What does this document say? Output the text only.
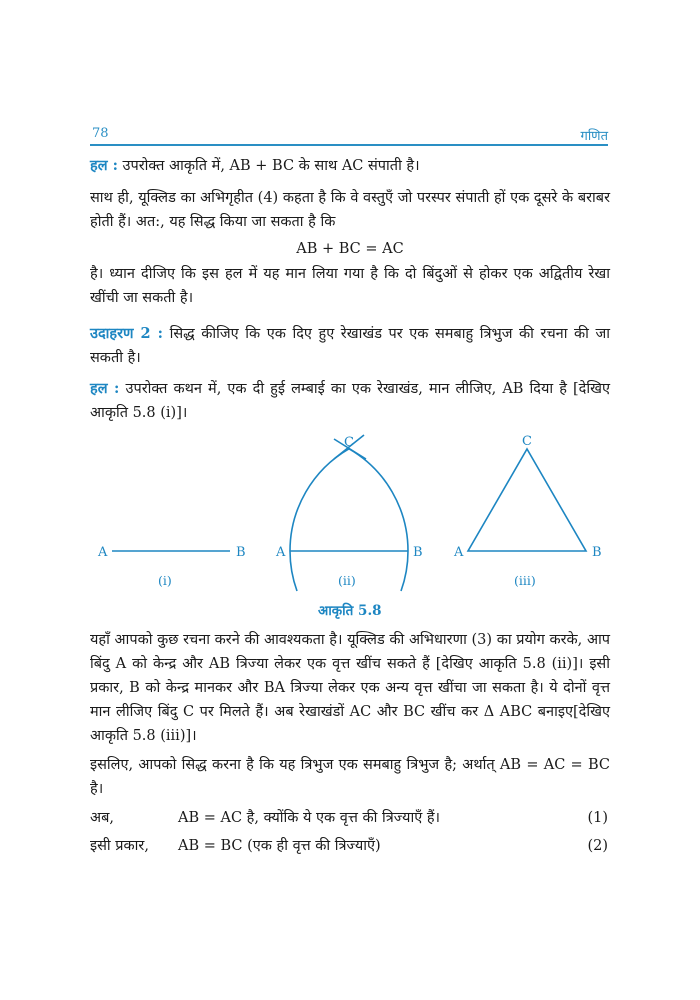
78	गणित

हल : उपरोक्त आकृति में, AB + BC के साथ AC संपाती है।

साथ ही, यूक्लिड का अभिगृहीत (4) कहता है कि वे वस्तुएँ जो परस्पर संपाती हों एक दूसरे के बराबर होती हैं। अत:, यह सिद्ध किया जा सकता है कि

AB + BC = AC

है। ध्यान दीजिए कि इस हल में यह मान लिया गया है कि दो बिंदुओं से होकर एक अद्वितीय रेखा खींची जा सकती है।

उदाहरण 2 : सिद्ध कीजिए कि एक दिए हुए रेखाखंड पर एक समबाहु त्रिभुज की रचना की जा सकती है।

हल : उपरोक्त कथन में, एक दी हुई लम्बाई का एक रेखाखंड, मान लीजिए, AB दिया है [देखिए आकृति 5.8 (i)]।

A	B A	B
C
A	B
C
(i)	(ii)	(iii)
आकृति 5.8

यहाँ आपको कुछ रचना करने की आवश्यकता है। यूक्लिड की अभिधारणा (3) का प्रयोग करके, आप बिंदु A को केन्द्र और AB त्रिज्या लेकर एक वृत्त खींच सकते हैं [देखिए आकृति 5.8 (ii)]। इसी प्रकार, B को केन्द्र मानकर और BA त्रिज्या लेकर एक अन्य वृत्त खींचा जा सकता है। ये दोनों वृत्त मान लीजिए बिंदु C पर मिलते हैं। अब रेखाखंडों AC और BC खींच कर Δ ABC बनाइए[देखिए आकृति 5.8 (iii)]।

इसलिए, आपको सिद्ध करना है कि यह त्रिभुज एक समबाहु त्रिभुज है; अर्थात् AB = AC = BC है।

अब,	AB = AC है, क्योंकि ये एक वृत्त की त्रिज्याएँ हैं।	(1)
इसी प्रकार, AB = BC (एक ही वृत्त की त्रिज्याएँ)	(2)
